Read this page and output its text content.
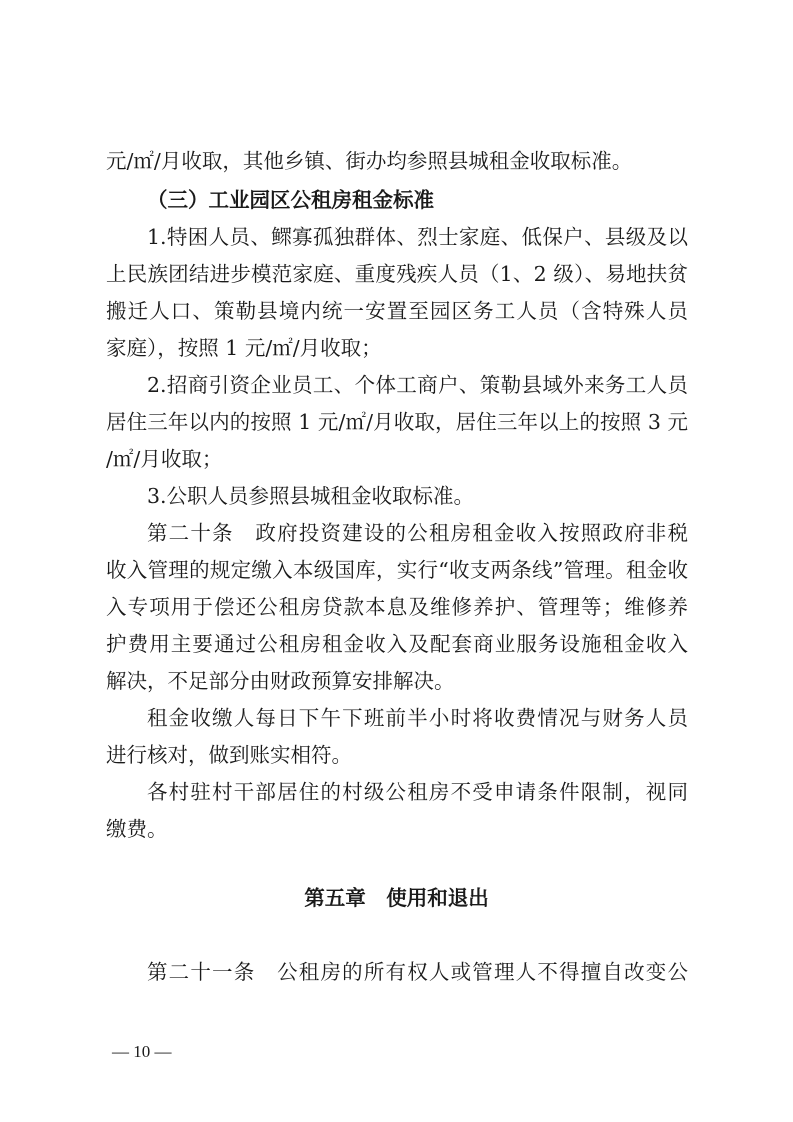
元/㎡/月收取，其他乡镇、街办均参照县城租金收取标准。
（三）工业园区公租房租金标准
1.特困人员、鳏寡孤独群体、烈士家庭、低保户、县级及以
上民族团结进步模范家庭、重度残疾人员（1、2 级）、易地扶贫
搬迁人口、策勒县境内统一安置至园区务工人员（含特殊人员
家庭），按照 1 元/㎡/月收取；
2.招商引资企业员工、个体工商户、策勒县域外来务工人员
居住三年以内的按照 1 元/㎡/月收取，居住三年以上的按照 3 元
/㎡/月收取；
3.公职人员参照县城租金收取标准。
第二十条　政府投资建设的公租房租金收入按照政府非税
收入管理的规定缴入本级国库，实行“收支两条线”管理。租金收
入专项用于偿还公租房贷款本息及维修养护、管理等；维修养
护费用主要通过公租房租金收入及配套商业服务设施租金收入
解决，不足部分由财政预算安排解决。
租金收缴人每日下午下班前半小时将收费情况与财务人员
进行核对，做到账实相符。
各村驻村干部居住的村级公租房不受申请条件限制，视同
缴费。
第五章　使用和退出
第二十一条　公租房的所有权人或管理人不得擅自改变公
— 10 —
